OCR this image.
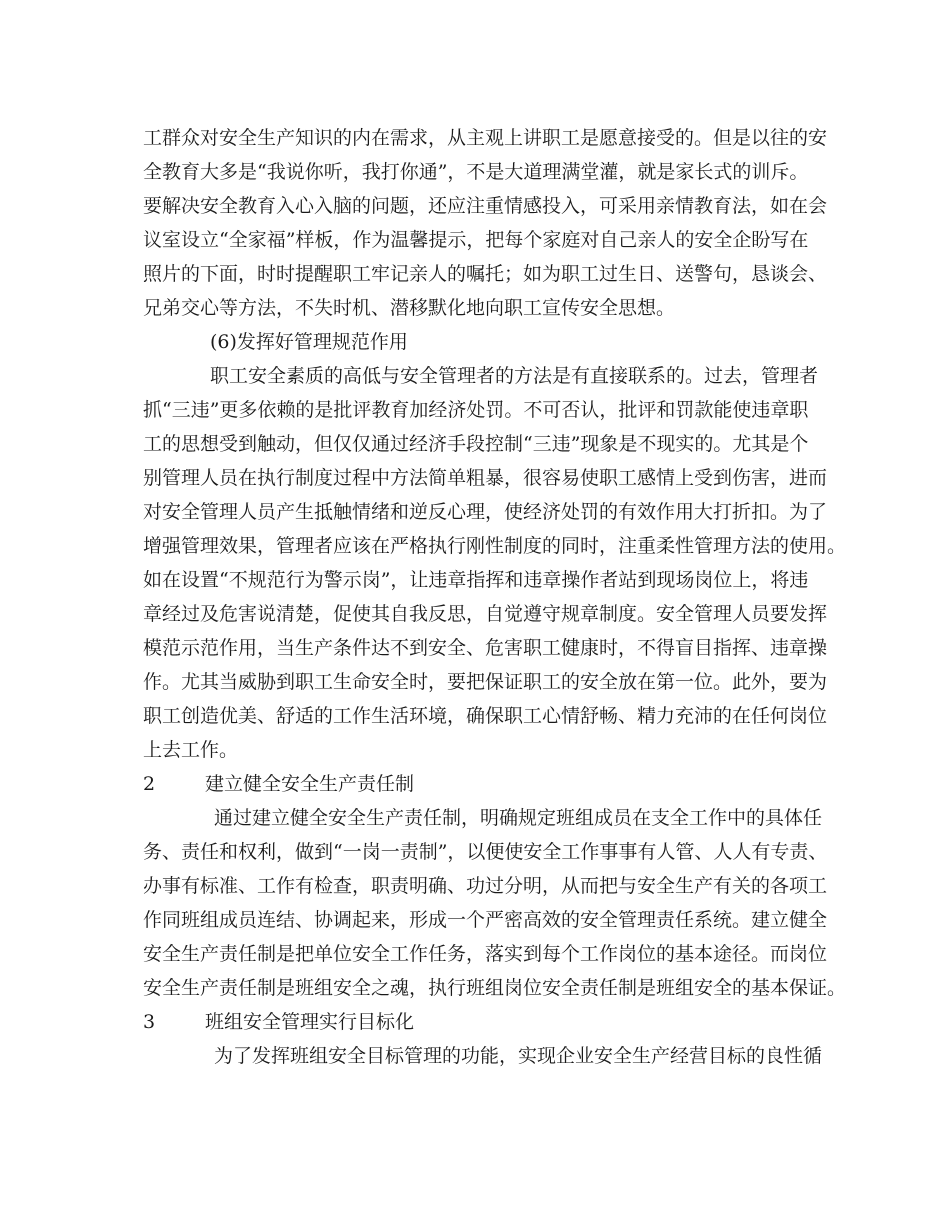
工群众对安全生产知识的内在需求，从主观上讲职工是愿意接受的。但是以往的安
全教育大多是“我说你听，我打你通”，不是大道理满堂灌，就是家长式的训斥。
要解决安全教育入心入脑的问题，还应注重情感投入，可采用亲情教育法，如在会
议室设立“全家福”样板，作为温馨提示，把每个家庭对自己亲人的安全企盼写在
照片的下面，时时提醒职工牢记亲人的嘱托；如为职工过生日、送警句，恳谈会、
兄弟交心等方法，不失时机、潜移默化地向职工宣传安全思想。
(6)发挥好管理规范作用
职工安全素质的高低与安全管理者的方法是有直接联系的。过去，管理者
抓“三违”更多依赖的是批评教育加经济处罚。不可否认，批评和罚款能使违章职
工的思想受到触动，但仅仅通过经济手段控制“三违”现象是不现实的。尤其是个
别管理人员在执行制度过程中方法简单粗暴，很容易使职工感情上受到伤害，进而
对安全管理人员产生抵触情绪和逆反心理，使经济处罚的有效作用大打折扣。为了
增强管理效果，管理者应该在严格执行刚性制度的同时，注重柔性管理方法的使用。
如在设置“不规范行为警示岗”，让违章指挥和违章操作者站到现场岗位上，将违
章经过及危害说清楚，促使其自我反思，自觉遵守规章制度。安全管理人员要发挥
模范示范作用，当生产条件达不到安全、危害职工健康时，不得盲目指挥、违章操
作。尤其当威胁到职工生命安全时，要把保证职工的安全放在第一位。此外，要为
职工创造优美、舒适的工作生活环境，确保职工心情舒畅、精力充沛的在任何岗位
上去工作。
2	建立健全安全生产责任制
通过建立健全安全生产责任制，明确规定班组成员在支全工作中的具体任
务、责任和权利，做到“一岗一责制”，以便使安全工作事事有人管、人人有专责、
办事有标准、工作有检查，职责明确、功过分明，从而把与安全生产有关的各项工
作同班组成员连结、协调起来，形成一个严密高效的安全管理责任系统。建立健全
安全生产责任制是把单位安全工作任务，落实到每个工作岗位的基本途径。而岗位
安全生产责任制是班组安全之魂，执行班组岗位安全责任制是班组安全的基本保证。
3	班组安全管理实行目标化
为了发挥班组安全目标管理的功能，实现企业安全生产经营目标的良性循
